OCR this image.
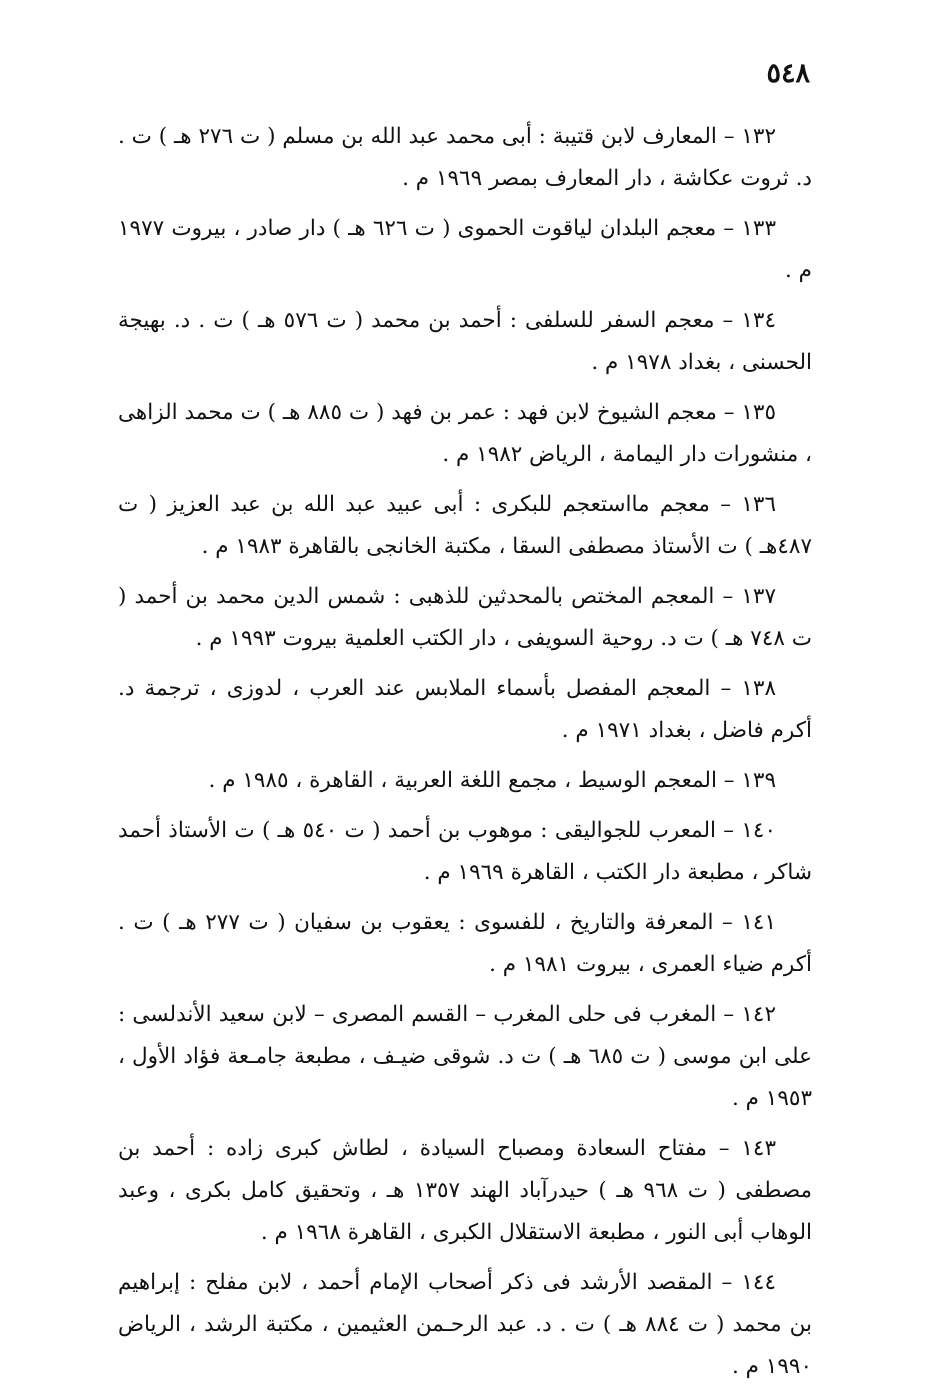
٥٤٨

١٣٢ – المعارف لابن قتيبة : أبى محمد عبد الله بن مسلم ( ت ٢٧٦ هـ ) ت . د. ثروت عكاشة ، دار المعارف بمصر ١٩٦٩ م .

١٣٣ – معجم البلدان لياقوت الحموى ( ت ٦٢٦ هـ ) دار صادر ، بيروت ١٩٧٧ م .

١٣٤ – معجم السفر للسلفى : أحمد بن محمد ( ت ٥٧٦ هـ ) ت . د. بهيجة الحسنى ، بغداد ١٩٧٨ م .

١٣٥ – معجم الشيوخ لابن فهد : عمر بن فهد ( ت ٨٨٥ هـ ) ت محمد الزاهى ، منشورات دار اليمامة ، الرياض ١٩٨٢ م .

١٣٦ – معجم مااستعجم للبكرى : أبى عبيد عبد الله بن عبد العزيز ( ت ٤٨٧هـ ) ت الأستاذ مصطفى السقا ، مكتبة الخانجى بالقاهرة ١٩٨٣ م .

١٣٧ – المعجم المختص بالمحدثين للذهبى : شمس الدين محمد بن أحمد ( ت ٧٤٨ هـ ) ت د. روحية السويفى ، دار الكتب العلمية بيروت ١٩٩٣ م .

١٣٨ – المعجم المفصل بأسماء الملابس عند العرب ، لدوزى ، ترجمة د. أكرم فاضل ، بغداد ١٩٧١ م .

١٣٩ – المعجم الوسيط ، مجمع اللغة العربية ، القاهرة ، ١٩٨٥ م .

١٤٠ – المعرب للجواليقى : موهوب بن أحمد ( ت ٥٤٠ هـ ) ت الأستاذ أحمد شاكر ، مطبعة دار الكتب ، القاهرة ١٩٦٩ م .

١٤١ – المعرفة والتاريخ ، للفسوى : يعقوب بن سفيان ( ت ٢٧٧ هـ ) ت . أكرم ضياء العمرى ، بيروت ١٩٨١ م .

١٤٢ – المغرب فى حلى المغرب – القسم المصرى – لابن سعيد الأندلسى : على ابن موسى ( ت ٦٨٥ هـ ) ت د. شوقى ضيـف ، مطبعة جامـعة فؤاد الأول ، ١٩٥٣ م .

١٤٣ – مفتاح السعادة ومصباح السيادة ، لطاش كبرى زاده : أحمد بن مصطفى ( ت ٩٦٨ هـ ) حيدرآباد الهند ١٣٥٧ هـ ، وتحقيق كامل بكرى ، وعبد الوهاب أبى النور ، مطبعة الاستقلال الكبرى ، القاهرة ١٩٦٨ م .

١٤٤ – المقصد الأرشد فى ذكر أصحاب الإمام أحمد ، لابن مفلح : إبراهيم بن محمد ( ت ٨٨٤ هـ ) ت . د. عبد الرحـمن العثيمين ، مكتبة الرشد ، الرياض ١٩٩٠ م .
